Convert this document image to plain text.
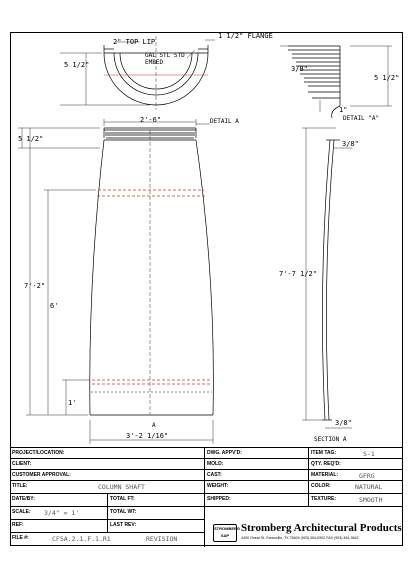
2" TOP LIP
5 1/2"
GAL STL STD
EMBED
1 1/2" FLANGE
2'-6"
5 1/2"
DETAIL A
7'-2"
6'
1'
3'-2 1/16"
A
3/8"
5 1/2"
1"
DETAIL "A"
3/8"
7'-7 1/2"
3/8"
SECTION A
PROJECT/LOCATION:
CLIENT:
CUSTOMER APPROVAL:
TITLE:	COLUMN SHAFT
DATE/BY:	TOTAL FT:
SCALE: 3/4" = 1'	TOTAL WT:
REF:	LAST REV:
FILE #:	CFSA.2.1.F.1.R1	REVISION
DWG. APPV'D:
MOLD:
CAST:
WEIGHT:
SHIPPED:
ITEM TAG:	S-1
QTY. REQ'D:
MATERIAL:	GFRG
COLOR:	NATURAL
TEXTURE:	SMOOTH
STROMBERG
SAP
Stromberg Architectural Products
4400 Oneal St. Greenville, TX 75404 (903) 454-0902 FAX (903) 454-3642
